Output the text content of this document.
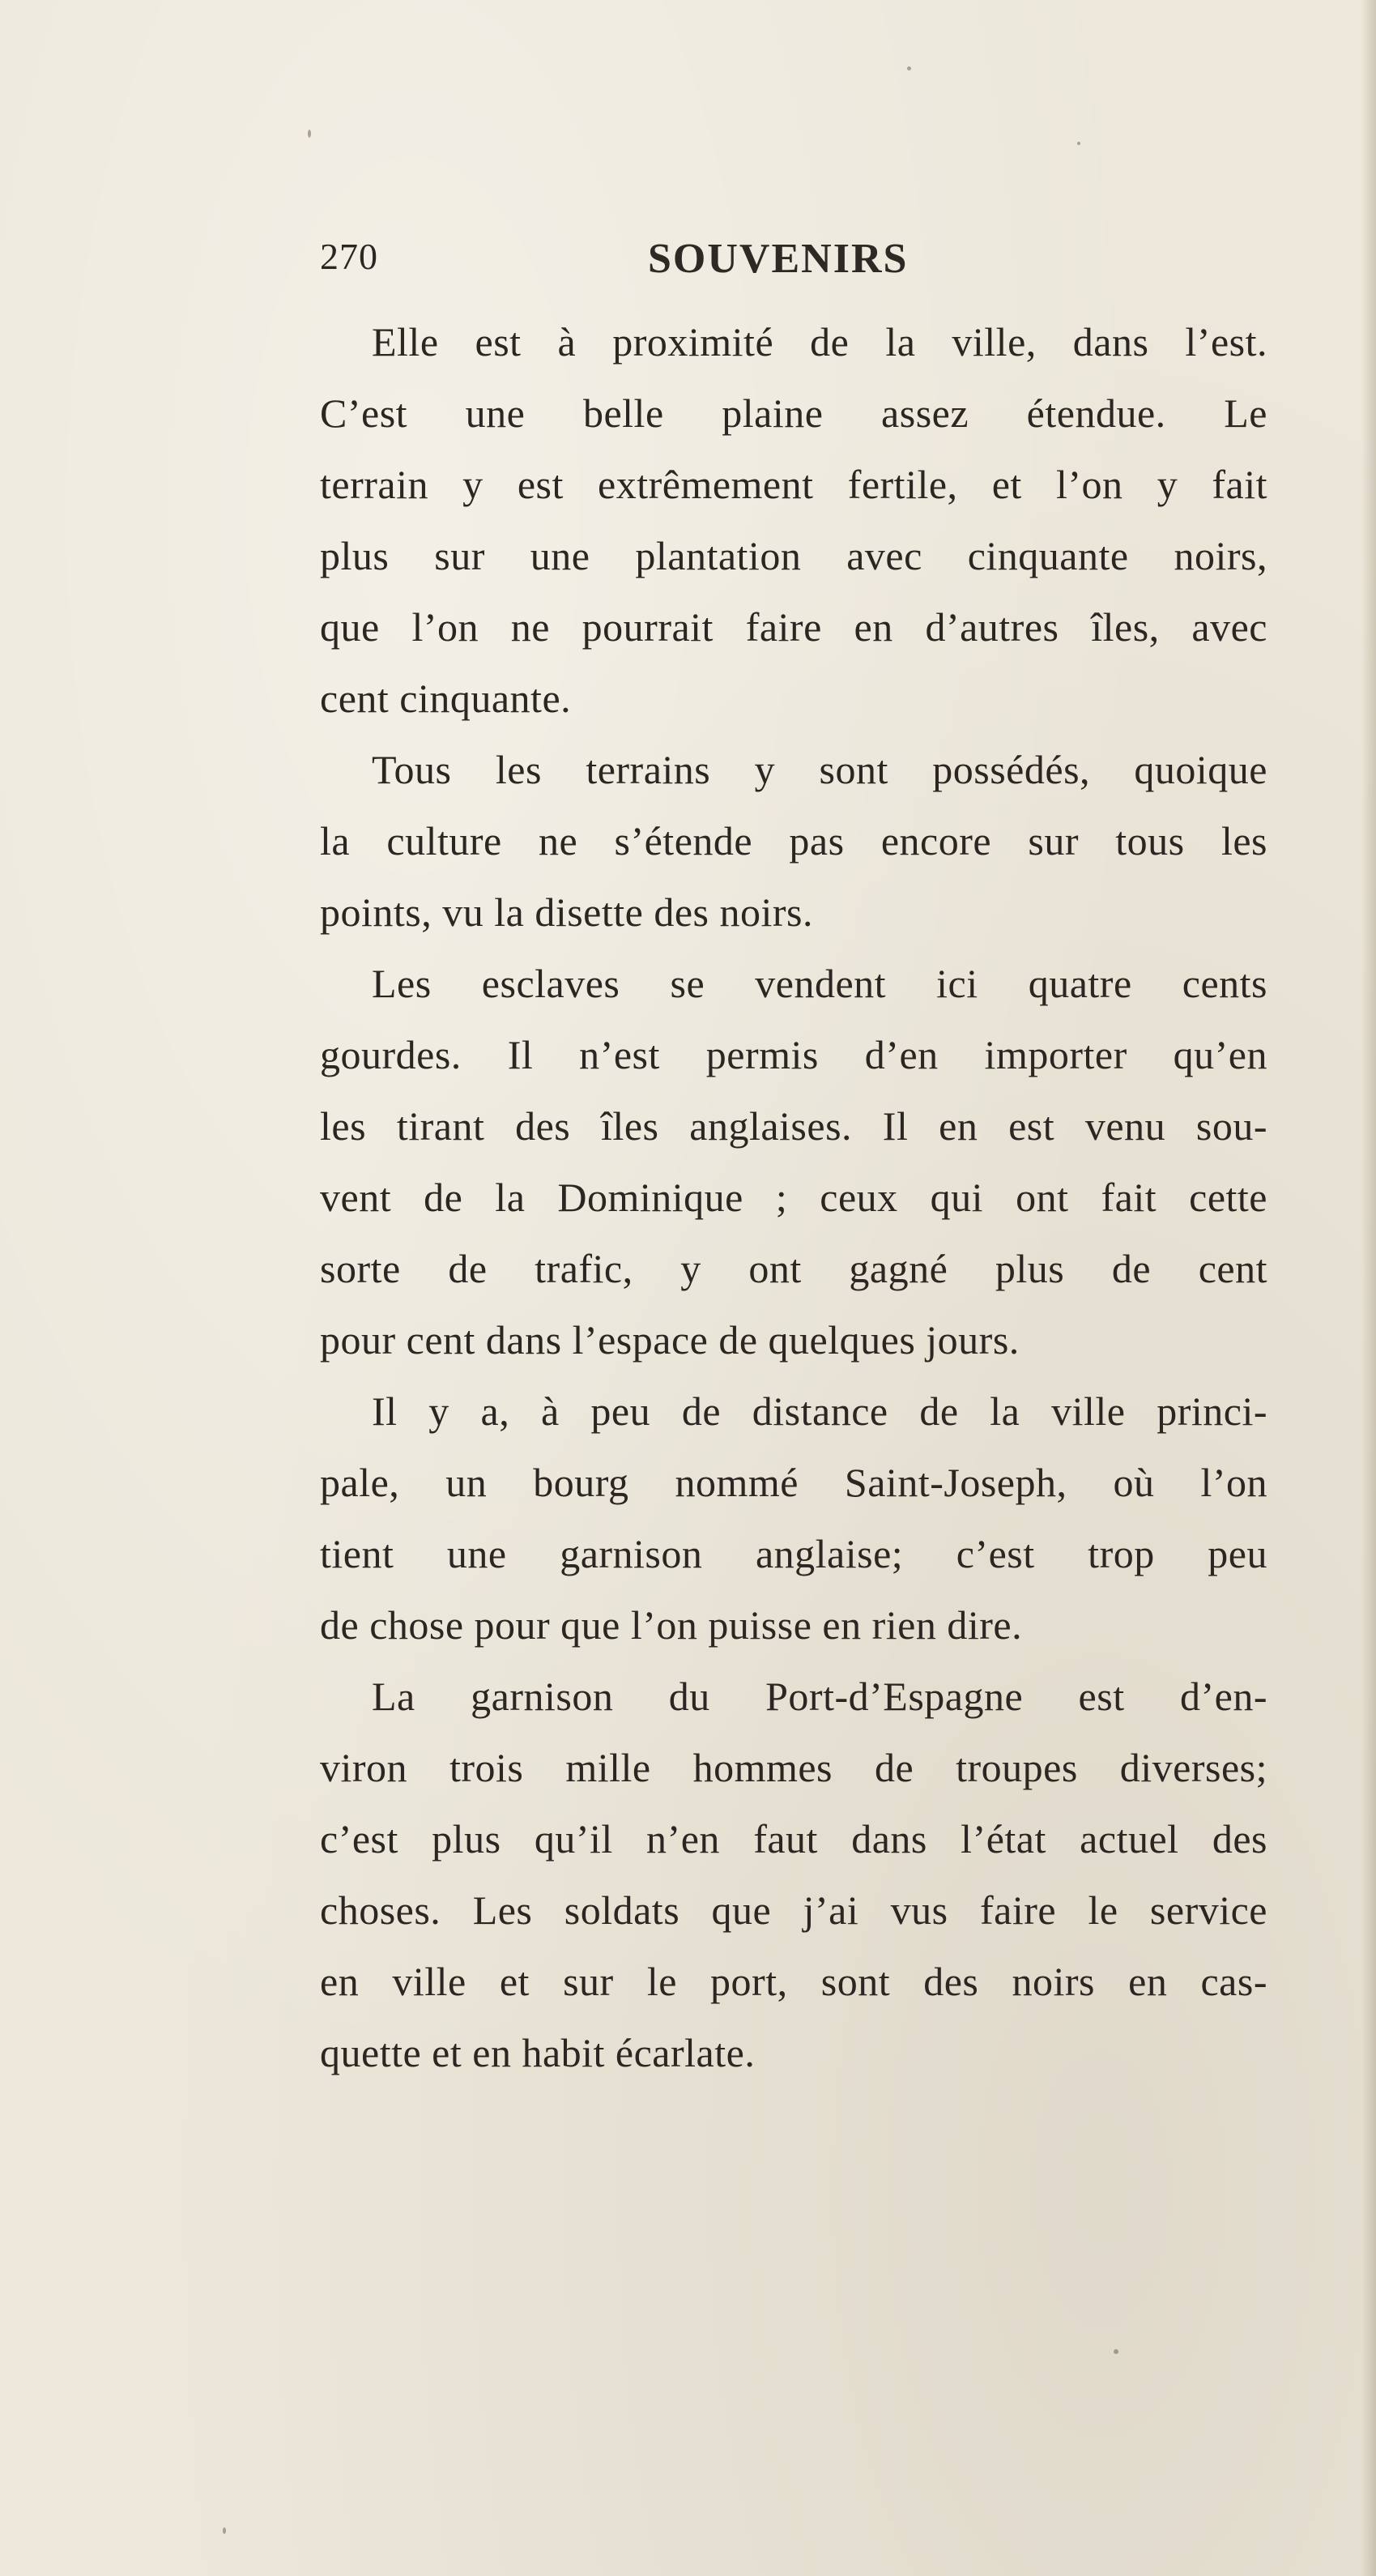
270	SOUVENIRS
Elle est à proximité de la ville, dans l’est.
C’est une belle plaine assez étendue. Le
terrain y est extrêmement fertile, et l’on y fait
plus sur une plantation avec cinquante noirs,
que l’on ne pourrait faire en d’autres îles, avec
cent cinquante.
Tous les terrains y sont possédés, quoique
la culture ne s’étende pas encore sur tous les
points, vu la disette des noirs.
Les esclaves se vendent ici quatre cents
gourdes. Il n’est permis d’en importer qu’en
les tirant des îles anglaises. Il en est venu sou-
vent de la Dominique ; ceux qui ont fait cette
sorte de trafic, y ont gagné plus de cent
pour cent dans l’espace de quelques jours.
Il y a, à peu de distance de la ville princi-
pale, un bourg nommé Saint-Joseph, où l’on
tient une garnison anglaise; c’est trop peu
de chose pour que l’on puisse en rien dire.
La garnison du Port-d’Espagne est d’en-
viron trois mille hommes de troupes diverses;
c’est plus qu’il n’en faut dans l’état actuel des
choses. Les soldats que j’ai vus faire le service
en ville et sur le port, sont des noirs en cas-
quette et en habit écarlate.
